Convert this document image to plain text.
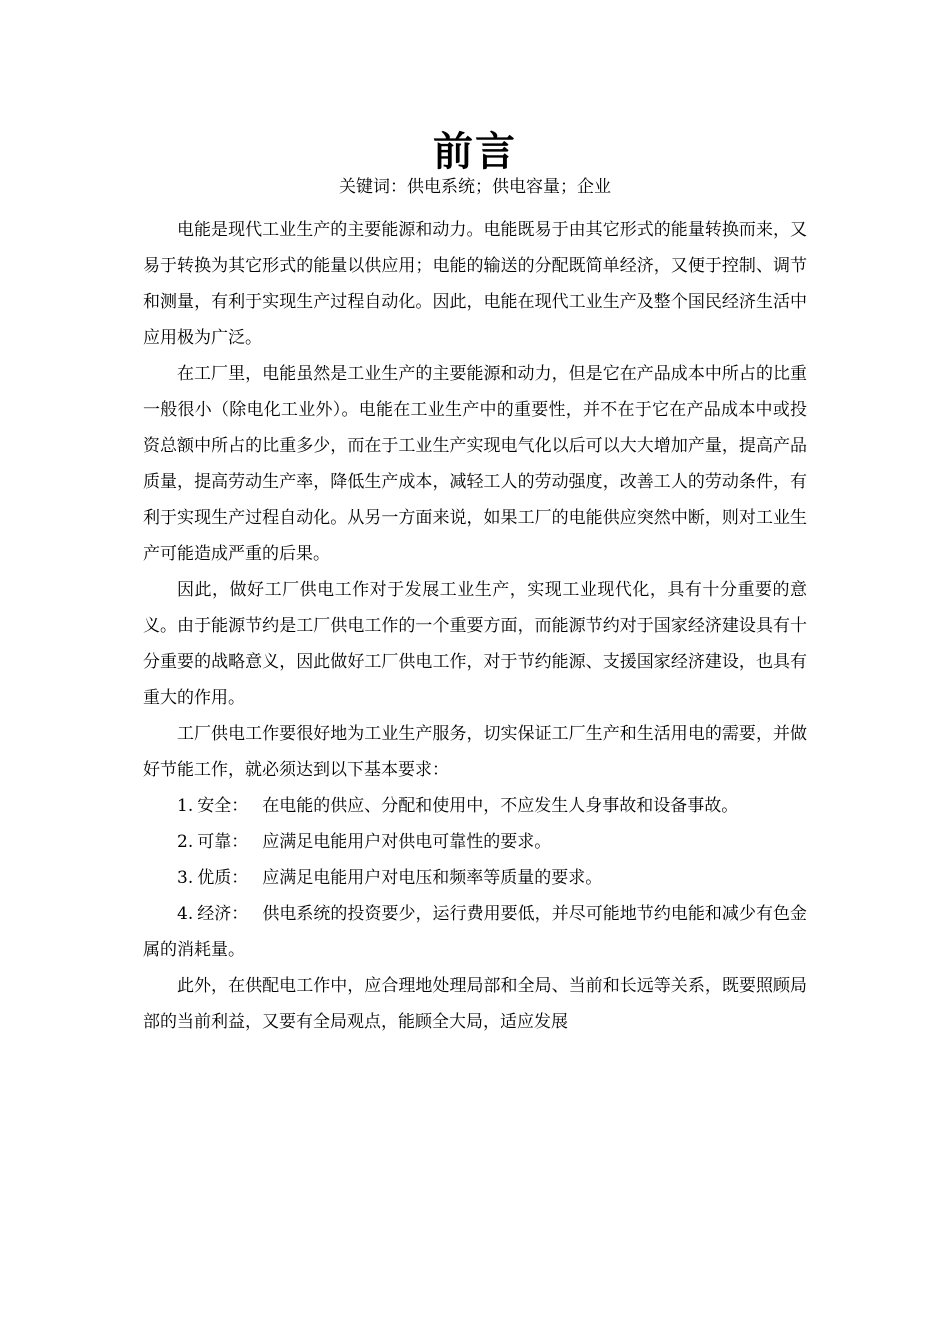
前言
关键词：供电系统；供电容量；企业

电能是现代工业生产的主要能源和动力。电能既易于由其它形式的能量转换而来，又易于转换为其它形式的能量以供应用；电能的输送的分配既简单经济，又便于控制、调节和测量，有利于实现生产过程自动化。因此，电能在现代工业生产及整个国民经济生活中应用极为广泛。

在工厂里，电能虽然是工业生产的主要能源和动力，但是它在产品成本中所占的比重一般很小（除电化工业外）。电能在工业生产中的重要性，并不在于它在产品成本中或投资总额中所占的比重多少，而在于工业生产实现电气化以后可以大大增加产量，提高产品质量，提高劳动生产率，降低生产成本，减轻工人的劳动强度，改善工人的劳动条件，有利于实现生产过程自动化。从另一方面来说，如果工厂的电能供应突然中断，则对工业生产可能造成严重的后果。

因此，做好工厂供电工作对于发展工业生产，实现工业现代化，具有十分重要的意义。由于能源节约是工厂供电工作的一个重要方面，而能源节约对于国家经济建设具有十分重要的战略意义，因此做好工厂供电工作，对于节约能源、支援国家经济建设，也具有重大的作用。

工厂供电工作要很好地为工业生产服务，切实保证工厂生产和生活用电的需要，并做好节能工作，就必须达到以下基本要求：

1. 安全： 在电能的供应、分配和使用中，不应发生人身事故和设备事故。

2. 可靠： 应满足电能用户对供电可靠性的要求。

3. 优质： 应满足电能用户对电压和频率等质量的要求。

4. 经济： 供电系统的投资要少，运行费用要低，并尽可能地节约电能和减少有色金属的消耗量。

此外，在供配电工作中，应合理地处理局部和全局、当前和长远等关系，既要照顾局部的当前利益，又要有全局观点，能顾全大局，适应发展
